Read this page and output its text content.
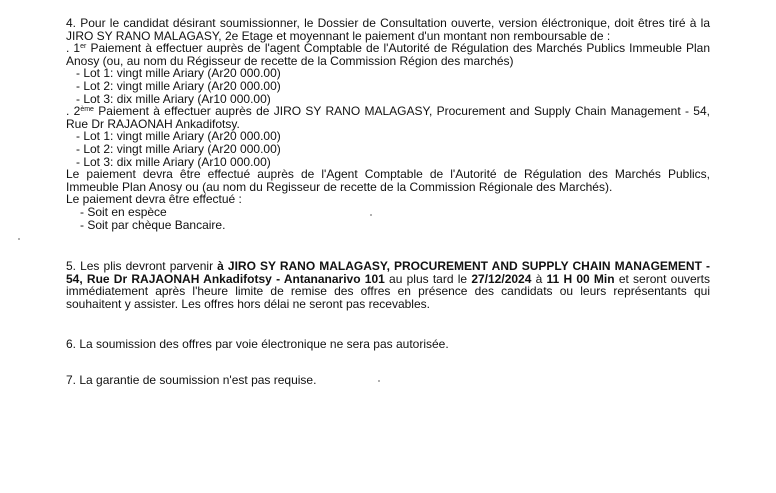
4. Pour le candidat désirant soumissionner, le Dossier de Consultation ouverte, version éléctronique, doit êtres tiré à la
JIRO SY RANO MALAGASY, 2e Etage et moyennant le paiement d'un montant non remboursable de :
. 1er Paiement à effectuer auprès de l'agent Comptable de l'Autorité de Régulation des Marchés Publics Immeuble Plan
Anosy (ou, au nom du Régisseur de recette de la Commission Région des marchés)
- Lot 1: vingt mille Ariary (Ar20 000.00)
- Lot 2: vingt mille Ariary (Ar20 000.00)
- Lot 3: dix mille Ariary (Ar10 000.00)
. 2ème Paiement à effectuer auprès de JIRO SY RANO MALAGASY, Procurement and Supply Chain Management - 54,
Rue Dr RAJAONAH Ankadifotsy.
- Lot 1: vingt mille Ariary (Ar20 000.00)
- Lot 2: vingt mille Ariary (Ar20 000.00)
- Lot 3: dix mille Ariary (Ar10 000.00)
Le paiement devra être effectué auprès de l'Agent Comptable de l'Autorité de Régulation des Marchés Publics,
Immeuble Plan Anosy ou (au nom du Regisseur de recette de la Commission Régionale des Marchés).
Le paiement devra être effectué :
- Soit en espèce
- Soit par chèque Bancaire.
5. Les plis devront parvenir à JIRO SY RANO MALAGASY, PROCUREMENT AND SUPPLY CHAIN MANAGEMENT -
54, Rue Dr RAJAONAH Ankadifotsy - Antananarivo 101 au plus tard le 27/12/2024 à 11 H 00 Min et seront ouverts
immédiatement après l'heure limite de remise des offres en présence des candidats ou leurs représentants qui
souhaitent y assister. Les offres hors délai ne seront pas recevables.
6. La soumission des offres par voie électronique ne sera pas autorisée.
7. La garantie de soumission n'est pas requise.
